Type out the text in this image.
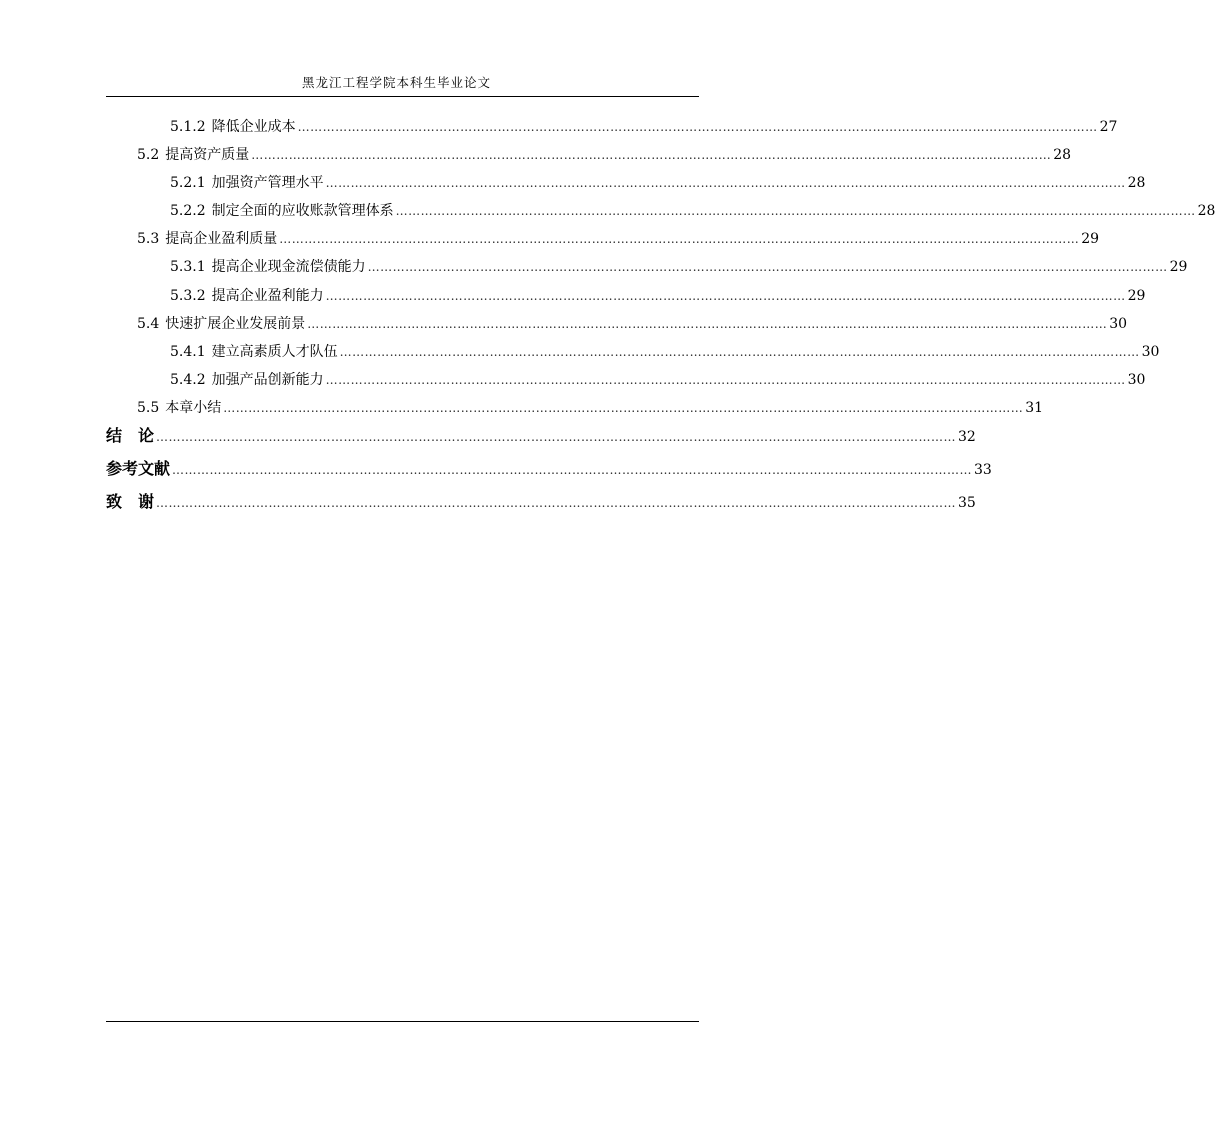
黑龙江工程学院本科生毕业论文
5.1.2 降低企业成本 ………………………………………………………………………………………………………………………………………………………………………… 27
5.2 提高资产质量 ………………………………………………………………………………………………………………………………………………………………………… 28
5.2.1 加强资产管理水平 ………………………………………………………………………………………………………………………………………………………………………… 28
5.2.2 制定全面的应收账款管理体系 ………………………………………………………………………………………………………………………………………………………………………… 28
5.3 提高企业盈利质量 ………………………………………………………………………………………………………………………………………………………………………… 29
5.3.1 提高企业现金流偿债能力 ………………………………………………………………………………………………………………………………………………………………………… 29
5.3.2 提高企业盈利能力 ………………………………………………………………………………………………………………………………………………………………………… 29
5.4 快速扩展企业发展前景 ………………………………………………………………………………………………………………………………………………………………………… 30
5.4.1 建立高素质人才队伍 ………………………………………………………………………………………………………………………………………………………………………… 30
5.4.2 加强产品创新能力 ………………………………………………………………………………………………………………………………………………………………………… 30
5.5 本章小结 ………………………………………………………………………………………………………………………………………………………………………… 31
结　论 ………………………………………………………………………………………………………………………………………………………………………… 32
参考文献 ………………………………………………………………………………………………………………………………………………………………………… 33
致　谢 ………………………………………………………………………………………………………………………………………………………………………… 35
